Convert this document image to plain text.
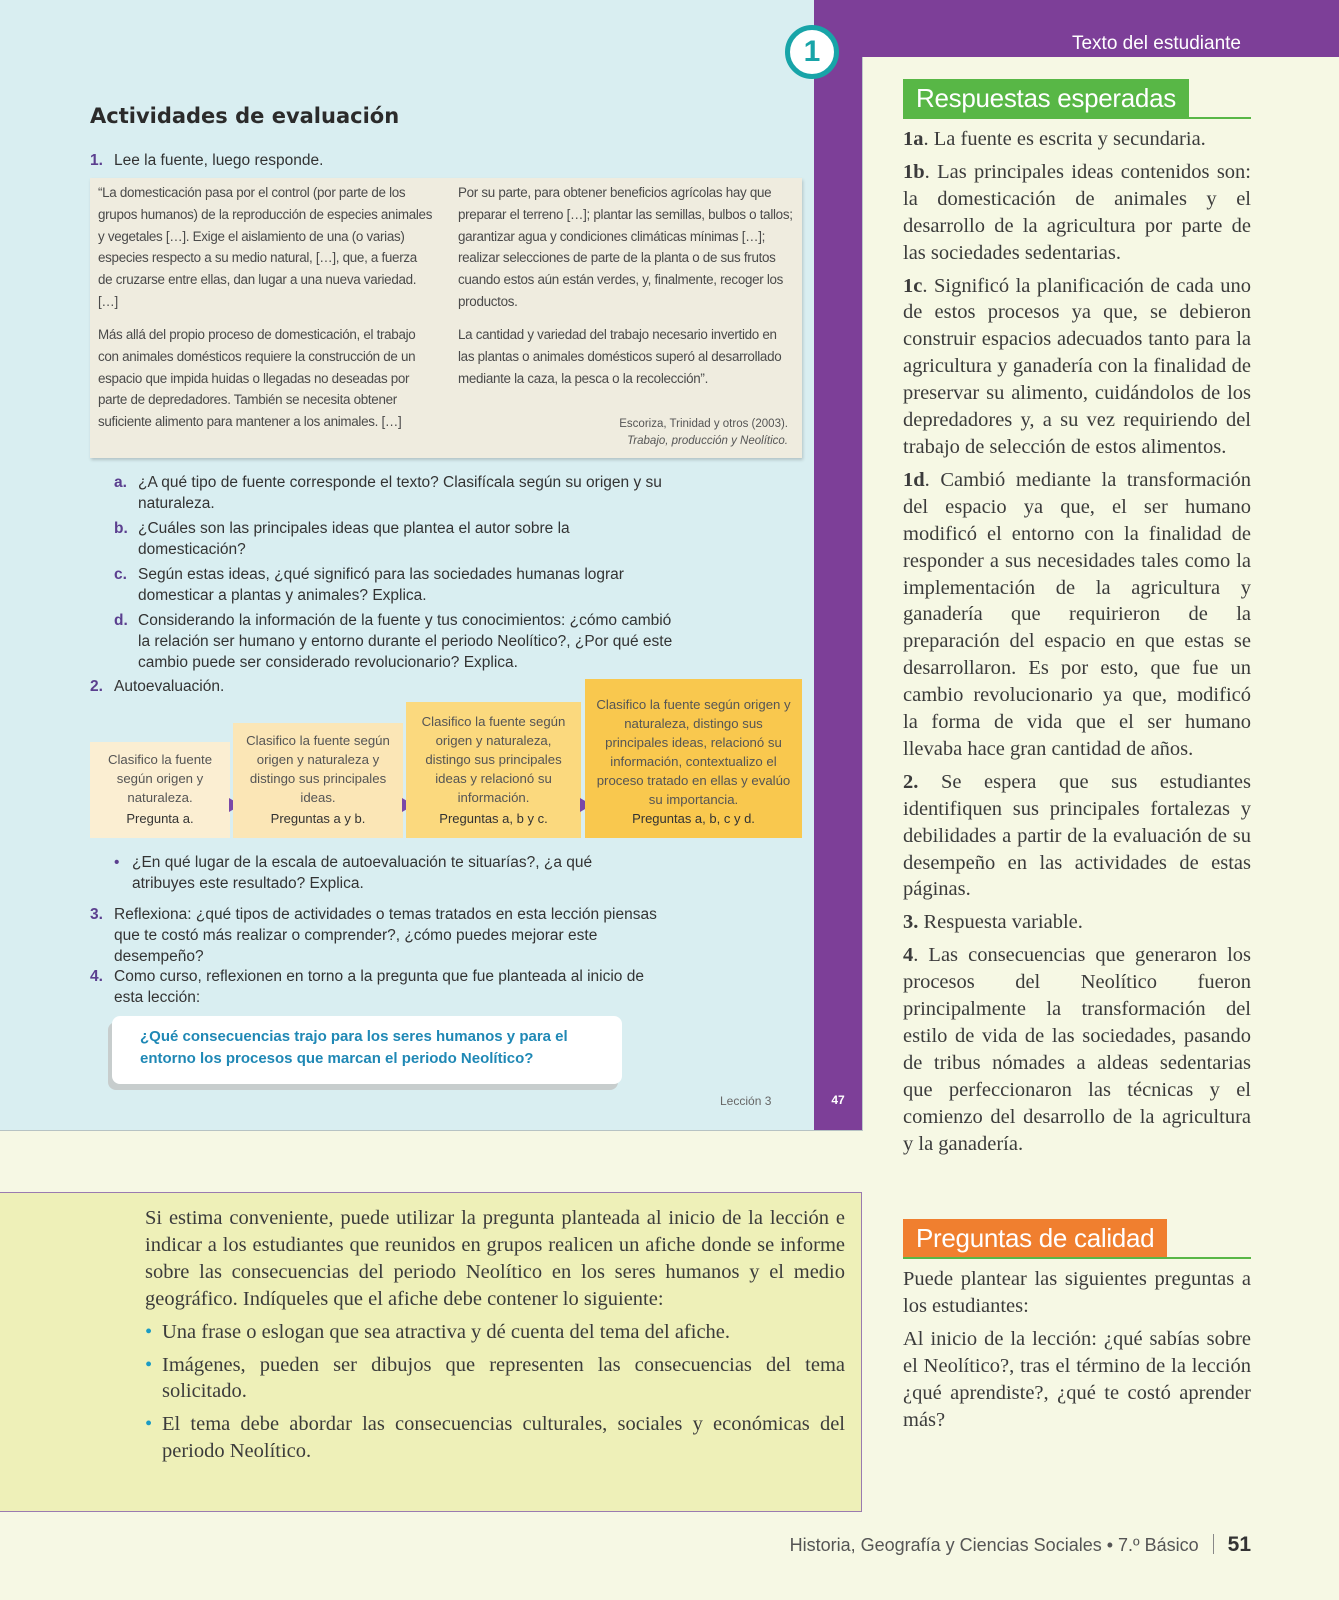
1
Actividades de evaluación
1. Lee la fuente, luego responde.
“La domesticación pasa por el control (por parte de los grupos humanos) de la reproducción de especies animales y vegetales […]. Exige el aislamiento de una (o varias) especies respecto a su medio natural, […], que, a fuerza de cruzarse entre ellas, dan lugar a una nueva variedad. […]
Más allá del propio proceso de domesticación, el trabajo con animales domésticos requiere la construcción de un espacio que impida huidas o llegadas no deseadas por parte de depredadores. También se necesita obtener suficiente alimento para mantener a los animales. […]
Por su parte, para obtener beneficios agrícolas hay que preparar el terreno […]; plantar las semillas, bulbos o tallos; garantizar agua y condiciones climáticas mínimas […]; realizar selecciones de parte de la planta o de sus frutos cuando estos aún están verdes, y, finalmente, recoger los productos.
La cantidad y variedad del trabajo necesario invertido en las plantas o animales domésticos superó al desarrollado mediante la caza, la pesca o la recolección”.
Escoriza, Trinidad y otros (2003).
Trabajo, producción y Neolítico.
a. ¿A qué tipo de fuente corresponde el texto? Clasifícala según su origen y su naturaleza.
b. ¿Cuáles son las principales ideas que plantea el autor sobre la domesticación?
c. Según estas ideas, ¿qué significó para las sociedades humanas lograr domesticar a plantas y animales? Explica.
d. Considerando la información de la fuente y tus conocimientos: ¿cómo cambió la relación ser humano y entorno durante el periodo Neolítico?, ¿Por qué este cambio puede ser considerado revolucionario? Explica.
2. Autoevaluación.
Clasifico la fuente según origen y naturaleza.
Pregunta a.
Clasifico la fuente según origen y naturaleza y distingo sus principales ideas.
Preguntas a y b.
Clasifico la fuente según origen y naturaleza, distingo sus principales ideas y relacionó su información.
Preguntas a, b y c.
Clasifico la fuente según origen y naturaleza, distingo sus principales ideas, relacionó su información, contextualizo el proceso tratado en ellas y evalúo su importancia.
Preguntas a, b, c y d.
• ¿En qué lugar de la escala de autoevaluación te situarías?, ¿a qué atribuyes este resultado? Explica.
3. Reflexiona: ¿qué tipos de actividades o temas tratados en esta lección piensas que te costó más realizar o comprender?, ¿cómo puedes mejorar este desempeño?
4. Como curso, reflexionen en torno a la pregunta que fue planteada al inicio de esta lección:
¿Qué consecuencias trajo para los seres humanos y para el entorno los procesos que marcan el periodo Neolítico?
Lección 3	47
Texto del estudiante
Respuestas esperadas

1a. La fuente es escrita y secundaria.

1b. Las principales ideas contenidos son: la domesticación de animales y el desarrollo de la agricultura por parte de las sociedades sedentarias.

1c. Significó la planificación de cada uno de estos procesos ya que, se debieron construir espacios adecuados tanto para la agricultura y ganadería con la finalidad de preservar su alimento, cuidándolos de los depredadores y, a su vez requiriendo del trabajo de selección de estos alimentos.

1d. Cambió mediante la transformación del espacio ya que, el ser humano modificó el entorno con la finalidad de responder a sus necesidades tales como la implementación de la agricultura y ganadería que requirieron de la preparación del espacio en que estas se desarrollaron. Es por esto, que fue un cambio revolucionario ya que, modificó la forma de vida que el ser humano llevaba hace gran cantidad de años.

2. Se espera que sus estudiantes identifiquen sus principales fortalezas y debilidades a partir de la evaluación de su desempeño en las actividades de estas páginas.

3. Respuesta variable.

4. Las consecuencias que generaron los procesos del Neolítico fueron principalmente la transformación del estilo de vida de las sociedades, pasando de tribus nómades a aldeas sedentarias que perfeccionaron las técnicas y el comienzo del desarrollo de la agricultura y la ganadería.

Preguntas de calidad

Puede plantear las siguientes preguntas a los estudiantes:

Al inicio de la lección: ¿qué sabías sobre el Neolítico?, tras el término de la lección ¿qué aprendiste?, ¿qué te costó aprender más?

Si estima conveniente, puede utilizar la pregunta planteada al inicio de la lección e indicar a los estudiantes que reunidos en grupos realicen un afiche donde se informe sobre las consecuencias del periodo Neolítico en los seres humanos y el medio geográfico. Indíqueles que el afiche debe contener lo siguiente:

• Una frase o eslogan que sea atractiva y dé cuenta del tema del afiche.

• Imágenes, pueden ser dibujos que representen las consecuencias del tema solicitado.

• El tema debe abordar las consecuencias culturales, sociales y económicas del periodo Neolítico.

Historia, Geografía y Ciencias Sociales • 7.º Básico 51
